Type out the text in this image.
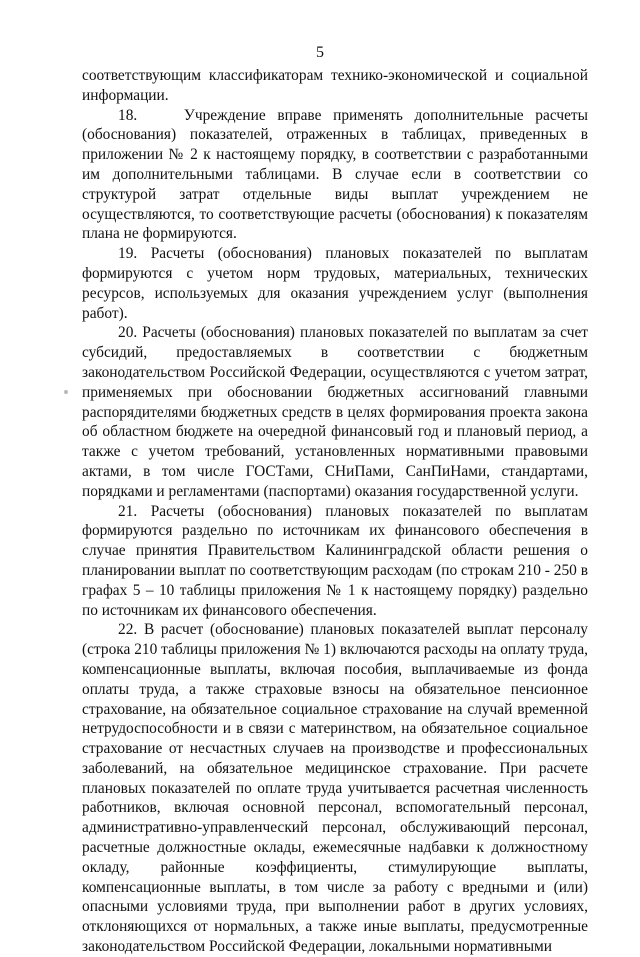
5

соответствующим классификаторам технико-экономической и социальной информации.

18.    Учреждение вправе применять дополнительные расчеты (обоснования) показателей, отраженных в таблицах, приведенных в приложении № 2 к настоящему порядку, в соответствии с разработанными им дополнительными таблицами. В случае если в соответствии со структурой затрат отдельные виды выплат учреждением не осуществляются, то соответствующие расчеты (обоснования) к показателям плана не формируются.

19. Расчеты (обоснования) плановых показателей по выплатам формируются с учетом норм трудовых, материальных, технических ресурсов, используемых для оказания учреждением услуг (выполнения работ).

20. Расчеты (обоснования) плановых показателей по выплатам за счет субсидий, предоставляемых в соответствии с бюджетным законодательством Российской Федерации, осуществляются с учетом затрат, применяемых при обосновании бюджетных ассигнований главными распорядителями бюджетных средств в целях формирования проекта закона об областном бюджете на очередной финансовый год и плановый период, а также с учетом требований, установленных нормативными правовыми актами, в том числе ГОСТами, СНиПами, СанПиНами, стандартами, порядками и регламентами (паспортами) оказания государственной услуги.

21. Расчеты (обоснования) плановых показателей по выплатам формируются раздельно по источникам их финансового обеспечения в случае принятия Правительством Калининградской области решения о планировании выплат по соответствующим расходам (по строкам 210 - 250 в графах 5 – 10 таблицы приложения № 1 к настоящему порядку) раздельно по источникам их финансового обеспечения.

22. В расчет (обоснование) плановых показателей выплат персоналу (строка 210 таблицы приложения № 1) включаются расходы на оплату труда, компенсационные выплаты, включая пособия, выплачиваемые из фонда оплаты труда, а также страховые взносы на обязательное пенсионное страхование, на обязательное социальное страхование на случай временной нетрудоспособности и в связи с материнством, на обязательное социальное страхование от несчастных случаев на производстве и профессиональных заболеваний, на обязательное медицинское страхование. При расчете плановых показателей по оплате труда учитывается расчетная численность работников, включая основной персонал, вспомогательный персонал, административно-управленческий персонал, обслуживающий персонал, расчетные должностные оклады, ежемесячные надбавки к должностному окладу, районные коэффициенты, стимулирующие выплаты, компенсационные выплаты, в том числе за работу с вредными и (или) опасными условиями труда, при выполнении работ в других условиях, отклоняющихся от нормальных, а также иные выплаты, предусмотренные законодательством Российской Федерации, локальными нормативными
